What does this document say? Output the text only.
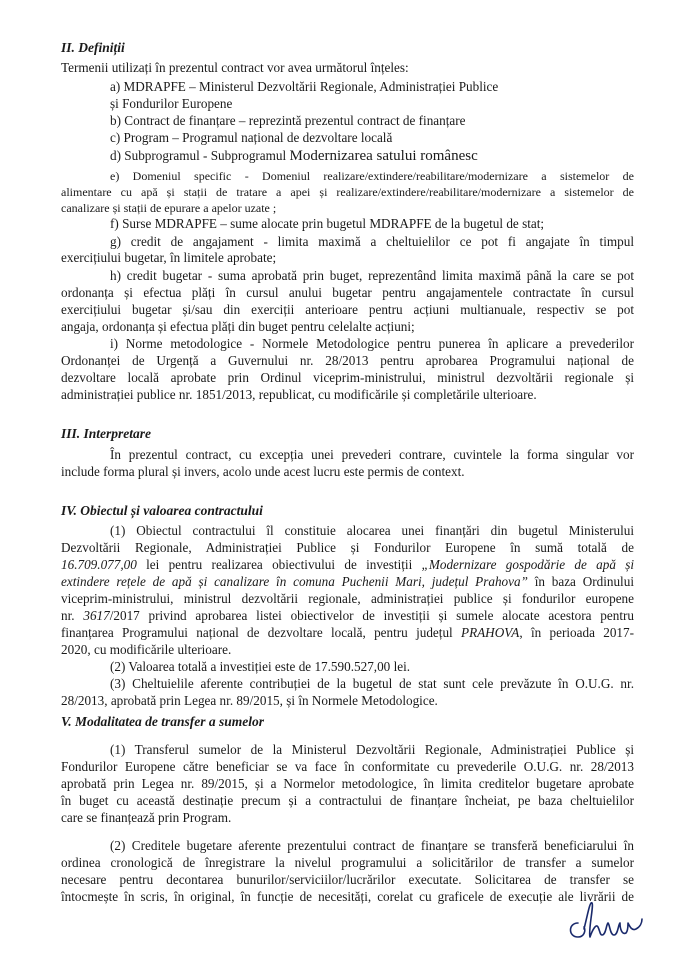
II. Definiții
Termenii utilizați în prezentul contract vor avea următorul înțeles:
a) MDRAPFE – Ministerul Dezvoltării Regionale, Administrației Publice
și Fondurilor Europene
b) Contract de finanțare – reprezintă prezentul contract de finanțare
c) Program – Programul național de dezvoltare locală
d) Subprogramul - Subprogramul Modernizarea satului românesc
e) Domeniul specific - Domeniul realizare/extindere/reabilitare/modernizare a sistemelor de
alimentare cu apă și stații de tratare a apei și realizare/extindere/reabilitare/modernizare a sistemelor de
canalizare și stații de epurare a apelor uzate ;
f) Surse MDRAPFE – sume alocate prin bugetul MDRAPFE de la bugetul de stat;
g) credit de angajament - limita maximă a cheltuielilor ce pot fi angajate în timpul
exercițiului bugetar, în limitele aprobate;
h) credit bugetar - suma aprobată prin buget, reprezentând limita maximă până la care se pot
ordonanța și efectua plăți în cursul anului bugetar pentru angajamentele contractate în cursul
exercițiului bugetar și/sau din exerciții anterioare pentru acțiuni multianuale, respectiv se pot
angaja, ordonanța și efectua plăți din buget pentru celelalte acțiuni;
i) Norme metodologice - Normele Metodologice pentru punerea în aplicare a prevederilor
Ordonanței de Urgență a Guvernului nr. 28/2013 pentru aprobarea Programului național de
dezvoltare locală aprobate prin Ordinul viceprim-ministrului, ministrul dezvoltării regionale și
administrației publice nr. 1851/2013, republicat, cu modificările și completările ulterioare.
III. Interpretare
În prezentul contract, cu excepția unei prevederi contrare, cuvintele la forma singular vor
include forma plural și invers, acolo unde acest lucru este permis de context.
IV. Obiectul și valoarea contractului
(1) Obiectul contractului îl constituie alocarea unei finanțări din bugetul Ministerului
Dezvoltării Regionale, Administrației Publice și Fondurilor Europene în sumă totală de
16.709.077,00 lei pentru realizarea obiectivului de investiții „Modernizare gospodărie de apă și
extindere rețele de apă și canalizare în comuna Puchenii Mari, județul Prahova” în baza Ordinului
viceprim-ministrului, ministrul dezvoltării regionale, administrației publice și fondurilor europene
nr. 3617/2017 privind aprobarea listei obiectivelor de investiții și sumele alocate acestora pentru
finanțarea Programului național de dezvoltare locală, pentru județul PRAHOVA, în perioada 2017-
2020, cu modificările ulterioare.
(2) Valoarea totală a investiției este de 17.590.527,00 lei.
(3) Cheltuielile aferente contribuției de la bugetul de stat sunt cele prevăzute în O.U.G. nr.
28/2013, aprobată prin Legea nr. 89/2015, și în Normele Metodologice.
V. Modalitatea de transfer a sumelor
(1) Transferul sumelor de la Ministerul Dezvoltării Regionale, Administrației Publice și
Fondurilor Europene către beneficiar se va face în conformitate cu prevederile O.U.G. nr. 28/2013
aprobată prin Legea nr. 89/2015, și a Normelor metodologice, în limita creditelor bugetare aprobate
în buget cu această destinație precum și a contractului de finanțare încheiat, pe baza cheltuielilor
care se finanțează prin Program.
(2) Creditele bugetare aferente prezentului contract de finanțare se transferă beneficiarului în
ordinea cronologică de înregistrare la nivelul programului a solicitărilor de transfer a sumelor
necesare pentru decontarea bunurilor/serviciilor/lucrărilor executate. Solicitarea de transfer se
întocmește în scris, în original, în funcție de necesități, corelat cu graficele de execuție ale livrării de
